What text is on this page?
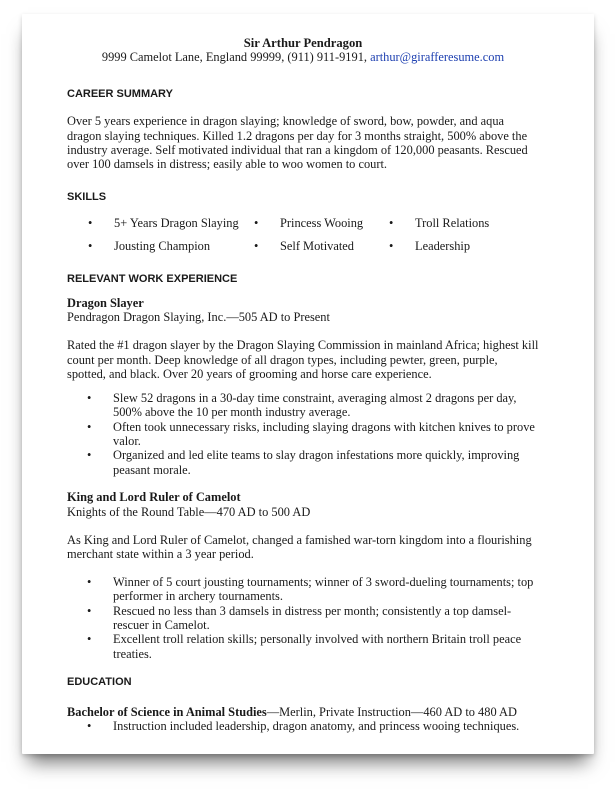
Sir Arthur Pendragon
9999 Camelot Lane, England 99999, (911) 911-9191, arthur@girafferesume.com
CAREER SUMMARY

Over 5 years experience in dragon slaying; knowledge of sword, bow, powder, and aqua dragon slaying techniques. Killed 1.2 dragons per day for 3 months straight, 500% above the industry average. Self motivated individual that ran a kingdom of 120,000 peasants. Rescued over 100 damsels in distress; easily able to woo women to court.

SKILLS
• 5+ Years Dragon Slaying	• Princess Wooing	• Troll Relations
• Jousting Champion	• Self Motivated	• Leadership
RELEVANT WORK EXPERIENCE
Dragon Slayer
Pendragon Dragon Slaying, Inc.—505 AD to Present

Rated the #1 dragon slayer by the Dragon Slaying Commission in mainland Africa; highest kill count per month. Deep knowledge of all dragon types, including pewter, green, purple, spotted, and black. Over 20 years of grooming and horse care experience.

• Slew 52 dragons in a 30-day time constraint, averaging almost 2 dragons per day, 500% above the 10 per month industry average.
• Often took unnecessary risks, including slaying dragons with kitchen knives to prove valor.
• Organized and led elite teams to slay dragon infestations more quickly, improving peasant morale.
King and Lord Ruler of Camelot
Knights of the Round Table—470 AD to 500 AD

As King and Lord Ruler of Camelot, changed a famished war-torn kingdom into a flourishing merchant state within a 3 year period.

• Winner of 5 court jousting tournaments; winner of 3 sword-dueling tournaments; top performer in archery tournaments.
• Rescued no less than 3 damsels in distress per month; consistently a top damsel-rescuer in Camelot.
• Excellent troll relation skills; personally involved with northern Britain troll peace treaties.
EDUCATION
Bachelor of Science in Animal Studies—Merlin, Private Instruction—460 AD to 480 AD
• Instruction included leadership, dragon anatomy, and princess wooing techniques.
